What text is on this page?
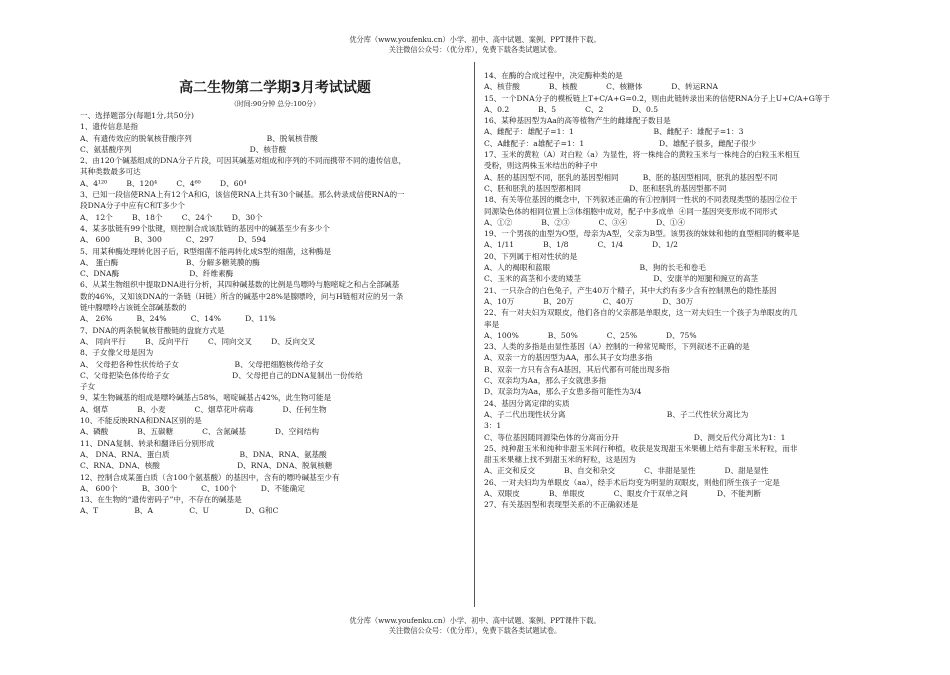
优分库（www.youfenku.cn）小学、初中、高中试题、案例、PPT课件下载。
关注微信公众号：（优分库），免费下载各类试题试卷。
高二生物第二学期3月考试试题
（时间:90分钟 总分:100分）
一、选择题部分(每题1分,共50分)
1、遗传信息是指
A、有遗传效应的脱氧核苷酸序列                               B、脱氧核苷酸
C、氨基酸序列                                                 D、核苷酸
2、由120个碱基组成的DNA分子片段，可因其碱基对组成和序列的不同而携带不同的遗传信息，
其种类数最多可达
A、4¹²⁰        B、120⁴        C、4⁶⁰        D、60⁴
3、已知一段信使RNA上有12个A和G，该信使RNA上共有30个碱基。那么转录成信使RNA的一
段DNA分子中应有C和T多少个
A、 12个        B、18个        C、24个        D、30个
4、某多肽链有99个肽键，则控制合成该肽链的基因中的碱基至少有多少个
A、 600          B、300          C、297          D、594
5、用某种酶处理转化因子后，R型细菌不能再转化成S型的细菌，这种酶是
A、 蛋白酶                            B、分解多糖荚膜的酶
C、DNA酶                             D、纤维素酶
6、从某生物组织中提取DNA进行分析，其四种碱基数的比例是鸟嘌呤与胞嘧啶之和占全部碱基
数的46%，又知该DNA的一条链（H链）所含的碱基中28%是腺嘌呤，问与H链相对应的另一条
链中腺嘌呤占该链全部碱基数的
A、 26%          B、24%          C、14%          D、11%
7、DNA的两条脱氧核苷酸链的盘旋方式是
A、 同向平行        B、反向平行        C、同向交叉        D、反向交叉
8、子女像父母是因为
A、 父母把各种性状传给子女                       B、父母把细胞核传给子女
C、父母把染色体传给子女                          D、父母把自己的DNA复制出一份传给
子女
9、某生物碱基的组成是嘌呤碱基占58%，嘧啶碱基占42%，此生物可能是
A、烟草            B、小麦            C、烟草花叶病毒            D、任何生物
10、不能反映RNA和DNA区别的是
A、磷酸            B、五碳糖            C、含氮碱基            D、空间结构
11、DNA复制、转录和翻译后分别形成
A、 DNA、RNA、蛋白质                             B、DNA、RNA、氨基酸
C、RNA、DNA、核酸                                D、RNA、DNA、脱氧核糖
12、控制合成某蛋白质（含100个氨基酸）的基因中，含有的嘌呤碱基至少有
A、 600个          B、300个          C、100个          D、不能确定
13、在生物的“遗传密码子”中，不存在的碱基是
A、T               B、A               C、U               D、G和C
14、在酶的合成过程中，决定酶种类的是
A、核苷酸            B、核酸            C、核糖体            D、转运RNA
15、一个DNA分子的模板链上T+C/A+G=0.2，则由此链转录出来的信使RNA分子上U+C/A+G等于
A、0.2            B、5            C、2            D、0.5
16、某种基因型为Aa的高等植物产生的雌雄配子数目是
A、雌配子：雄配子=1：1                                 B、雌配子：雄配子=1：3
C、A雌配子：a雄配子=1：1                               D、雄配子很多，雌配子很少
17、玉米的黄粒（A）对白粒（a）为显性，将一株纯合的黄粒玉米与一株纯合的白粒玉米相互
受粉，则这两株玉米结出的种子中
A、胚的基因型不同，胚乳的基因型相同          B、胚的基因型相同，胚乳的基因型不同
C、胚和胚乳的基因型都相同                    D、胚和胚乳的基因型都不同
18、有关等位基因的概念中，下列叙述正确的有①控制同一性状的不同表现类型的基因②位于
同源染色体的相同位置上③体细胞中成对，配子中多成单  ④同一基因突变形成不同形式
A、①②            B、②③            C、③④            D、①④
19、一个男孩的血型为O型，母亲为A型，父亲为B型。该男孩的妹妹和他的血型相同的概率是
A、1/11            B、1/8            C、1/4            D、1/2
20、下列属于相对性状的是
A、人的褐眼和蓝眼                                     B、狗的长毛和卷毛
C、玉米的高茎和小麦的矮茎                              D、安康羊的短腿和豌豆的高茎
21、一只杂合的白色兔子，产生40万个精子，其中大约有多少含有控制黑色的隐性基因
A、10万            B、20万            C、40万            D、30万
22、有一对夫妇为双眼皮，他们各自的父亲都是单眼皮，这一对夫妇生一个孩子为单眼皮的几
率是
A、100%            B、50%            C、25%            D、75%
23、人类的多指是由显性基因（A）控制的一种常见畸形，下列叙述不正确的是
A、双亲一方的基因型为AA，那么其子女均患多指
B、双亲一方只有含有A基因，其后代都有可能出现多指
C、双亲均为Aa，那么子女就患多指
D、双亲均为Aa，那么子女患多指可能性为3/4
24、基因分离定律的实质
A、子二代出现性状分离                                          B、子二代性状分离比为
3：1
C、等位基因随同源染色体的分离而分开                               D、测交后代分离比为1：1
25、纯种甜玉米和纯种非甜玉米间行种植，收获是发现甜玉米果穗上结有非甜玉米籽粒，而非
甜玉米果穗上找不到甜玉米的籽粒，这是因为
A、正交和反交            B、自交和杂交            C、非甜是显性            D、甜是显性
26、一对夫妇均为单眼皮（aa），经手术后均变为明显的双眼皮，则他们所生孩子一定是
A、双眼皮            B、单眼皮            C、眼皮介于双单之间            D、不能判断
27、有关基因型和表现型关系的不正确叙述是
优分库（www.youfenku.cn）小学、初中、高中试题、案例、PPT课件下载。
关注微信公众号：（优分库），免费下载各类试题试卷。
